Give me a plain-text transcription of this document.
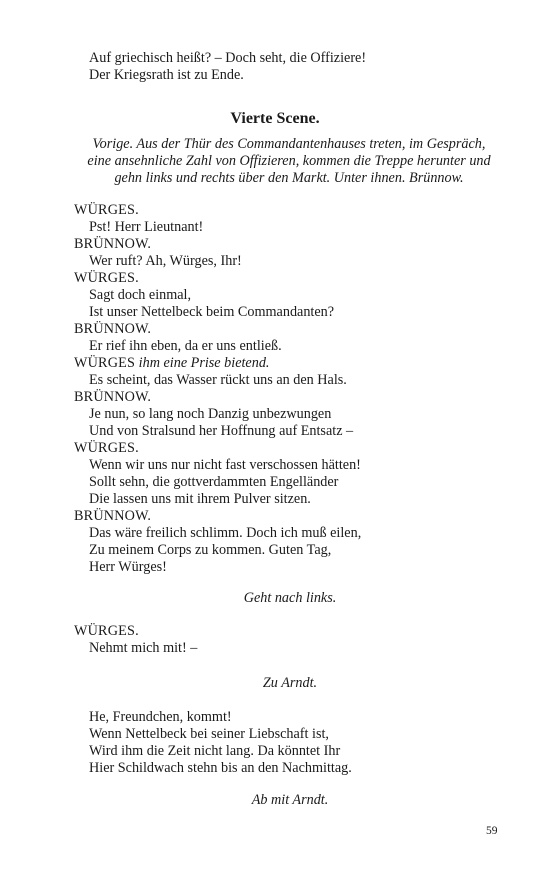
Auf griechisch heißt? – Doch seht, die Offiziere!
Der Kriegsrath ist zu Ende.
Vierte Scene.
Vorige. Aus der Thür des Commandantenhauses treten, im Gespräch,
eine ansehnliche Zahl von Offizieren, kommen die Treppe herunter und
gehn links und rechts über den Markt. Unter ihnen. Brünnow.
WÜRGES.
Pst! Herr Lieutnant!
BRÜNNOW.
Wer ruft? Ah, Würges, Ihr!
WÜRGES.
Sagt doch einmal,
Ist unser Nettelbeck beim Commandanten?
BRÜNNOW.
Er rief ihn eben, da er uns entließ.
WÜRGES ihm eine Prise bietend.
Es scheint, das Wasser rückt uns an den Hals.
BRÜNNOW.
Je nun, so lang noch Danzig unbezwungen
Und von Stralsund her Hoffnung auf Entsatz –
WÜRGES.
Wenn wir uns nur nicht fast verschossen hätten!
Sollt sehn, die gottverdammten Engelländer
Die lassen uns mit ihrem Pulver sitzen.
BRÜNNOW.
Das wäre freilich schlimm. Doch ich muß eilen,
Zu meinem Corps zu kommen. Guten Tag,
Herr Würges!
Geht nach links.
WÜRGES.
Nehmt mich mit! –
Zu Arndt.
He, Freundchen, kommt!
Wenn Nettelbeck bei seiner Liebschaft ist,
Wird ihm die Zeit nicht lang. Da könntet Ihr
Hier Schildwach stehn bis an den Nachmittag.
Ab mit Arndt.
59
